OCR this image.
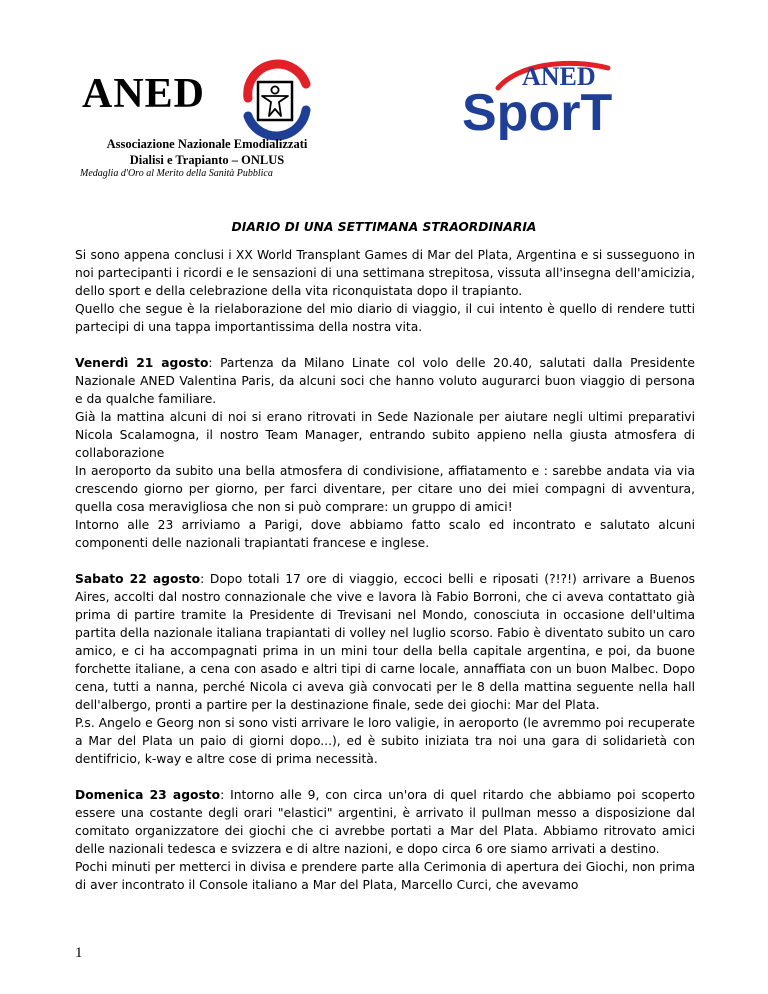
ANED
Associazione Nazionale Emodializzati
Dialisi e Trapianto – ONLUS
Medaglia d'Oro al Merito della Sanità Pubblica
ANED
SporT
DIARIO DI UNA SETTIMANA STRAORDINARIA

Si sono appena conclusi i XX World Transplant Games di Mar del Plata, Argentina e si susseguono in noi partecipanti i ricordi e le sensazioni di una settimana strepitosa, vissuta all'insegna dell'amicizia, dello sport e della celebrazione della vita riconquistata dopo il trapianto.
Quello che segue è la rielaborazione del mio diario di viaggio, il cui intento è quello di rendere tutti partecipi di una tappa importantissima della nostra vita.

Venerdì 21 agosto: Partenza da Milano Linate col volo delle 20.40, salutati dalla Presidente Nazionale ANED Valentina Paris, da alcuni soci che hanno voluto augurarci buon viaggio di persona e da qualche familiare.
Già la mattina alcuni di noi si erano ritrovati in Sede Nazionale per aiutare negli ultimi preparativi Nicola Scalamogna, il nostro Team Manager, entrando subito appieno nella giusta atmosfera di collaborazione
In aeroporto da subito una bella atmosfera di condivisione, affiatamento e : sarebbe andata via via crescendo giorno per giorno, per farci diventare, per citare uno dei miei compagni di avventura, quella cosa meravigliosa che non si può comprare: un gruppo di amici!
Intorno alle 23 arriviamo a Parigi, dove abbiamo fatto scalo ed incontrato e salutato alcuni componenti delle nazionali trapiantati francese e inglese.

Sabato 22 agosto: Dopo totali 17 ore di viaggio, eccoci belli e riposati (?!?!) arrivare a Buenos Aires, accolti dal nostro connazionale che vive e lavora là Fabio Borroni, che ci aveva contattato già prima di partire tramite la Presidente di Trevisani nel Mondo, conosciuta in occasione dell'ultima partita della nazionale italiana trapiantati di volley nel luglio scorso. Fabio è diventato subito un caro amico, e ci ha accompagnati prima in un mini tour della bella capitale argentina, e poi, da buone forchette italiane, a cena con asado e altri tipi di carne locale, annaffiata con un buon Malbec. Dopo cena, tutti a nanna, perché Nicola ci aveva già convocati per le 8 della mattina seguente nella hall dell'albergo, pronti a partire per la destinazione finale, sede dei giochi: Mar del Plata.
P.s. Angelo e Georg non si sono visti arrivare le loro valigie, in aeroporto (le avremmo poi recuperate a Mar del Plata un paio di giorni dopo...), ed è subito iniziata tra noi una gara di solidarietà con dentifricio, k-way e altre cose di prima necessità.

Domenica 23 agosto: Intorno alle 9, con circa un'ora di quel ritardo che abbiamo poi scoperto essere una costante degli orari "elastici" argentini, è arrivato il pullman messo a disposizione dal comitato organizzatore dei giochi che ci avrebbe portati a Mar del Plata. Abbiamo ritrovato amici delle nazionali tedesca e svizzera e di altre nazioni, e dopo circa 6 ore siamo arrivati a destino.
Pochi minuti per metterci in divisa e prendere parte alla Cerimonia di apertura dei Giochi, non prima di aver incontrato il Console italiano a Mar del Plata, Marcello Curci, che avevamo

1
